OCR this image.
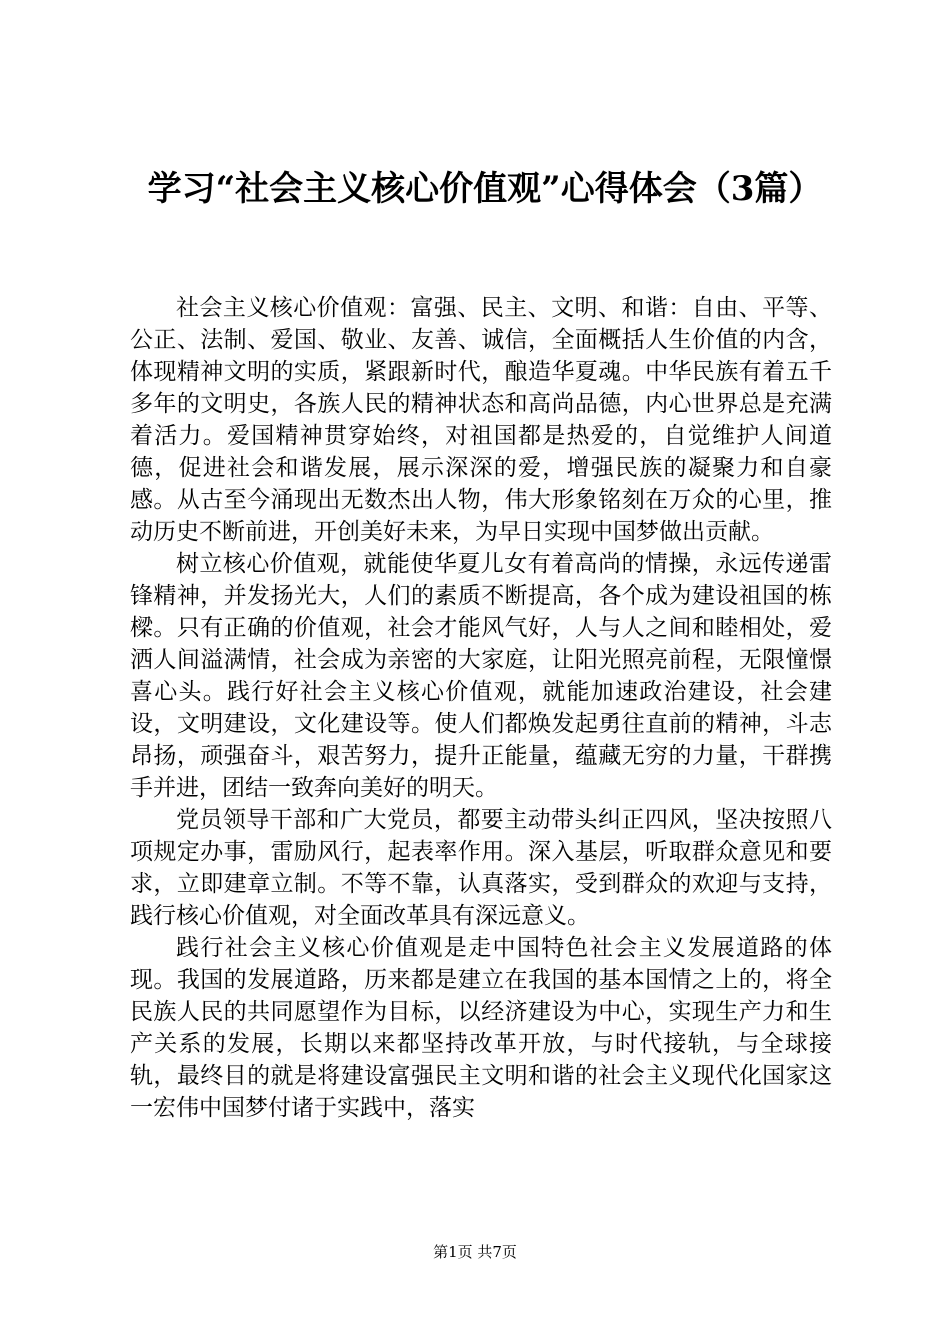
学习“社会主义核心价值观”心得体会（3篇）

社会主义核心价值观：富强、民主、文明、和谐：自由、平等、公正、法制、爱国、敬业、友善、诚信，全面概括人生价值的内含，体现精神文明的实质，紧跟新时代，酿造华夏魂。中华民族有着五千多年的文明史，各族人民的精神状态和高尚品德，内心世界总是充满着活力。爱国精神贯穿始终，对祖国都是热爱的，自觉维护人间道德，促进社会和谐发展，展示深深的爱，增强民族的凝聚力和自豪感。从古至今涌现出无数杰出人物，伟大形象铭刻在万众的心里，推动历史不断前进，开创美好未来，为早日实现中国梦做出贡献。

树立核心价值观，就能使华夏儿女有着高尚的情操，永远传递雷锋精神，并发扬光大，人们的素质不断提高，各个成为建设祖国的栋樑。只有正确的价值观，社会才能风气好，人与人之间和睦相处，爱洒人间溢满情，社会成为亲密的大家庭，让阳光照亮前程，无限憧憬喜心头。践行好社会主义核心价值观，就能加速政治建设，社会建设，文明建设，文化建设等。使人们都焕发起勇往直前的精神，斗志昂扬，顽强奋斗，艰苦努力，提升正能量，蕴藏无穷的力量，干群携手并进，团结一致奔向美好的明天。

党员领导干部和广大党员，都要主动带头纠正四风，坚决按照八项规定办事，雷励风行，起表率作用。深入基层，听取群众意见和要求，立即建章立制。不等不靠，认真落实，受到群众的欢迎与支持，践行核心价值观，对全面改革具有深远意义。

践行社会主义核心价值观是走中国特色社会主义发展道路的体现。我国的发展道路，历来都是建立在我国的基本国情之上的，将全民族人民的共同愿望作为目标，以经济建设为中心，实现生产力和生产关系的发展，长期以来都坚持改革开放，与时代接轨，与全球接轨，最终目的就是将建设富强民主文明和谐的社会主义现代化国家这一宏伟中国梦付诸于实践中，落实

第1页 共7页
